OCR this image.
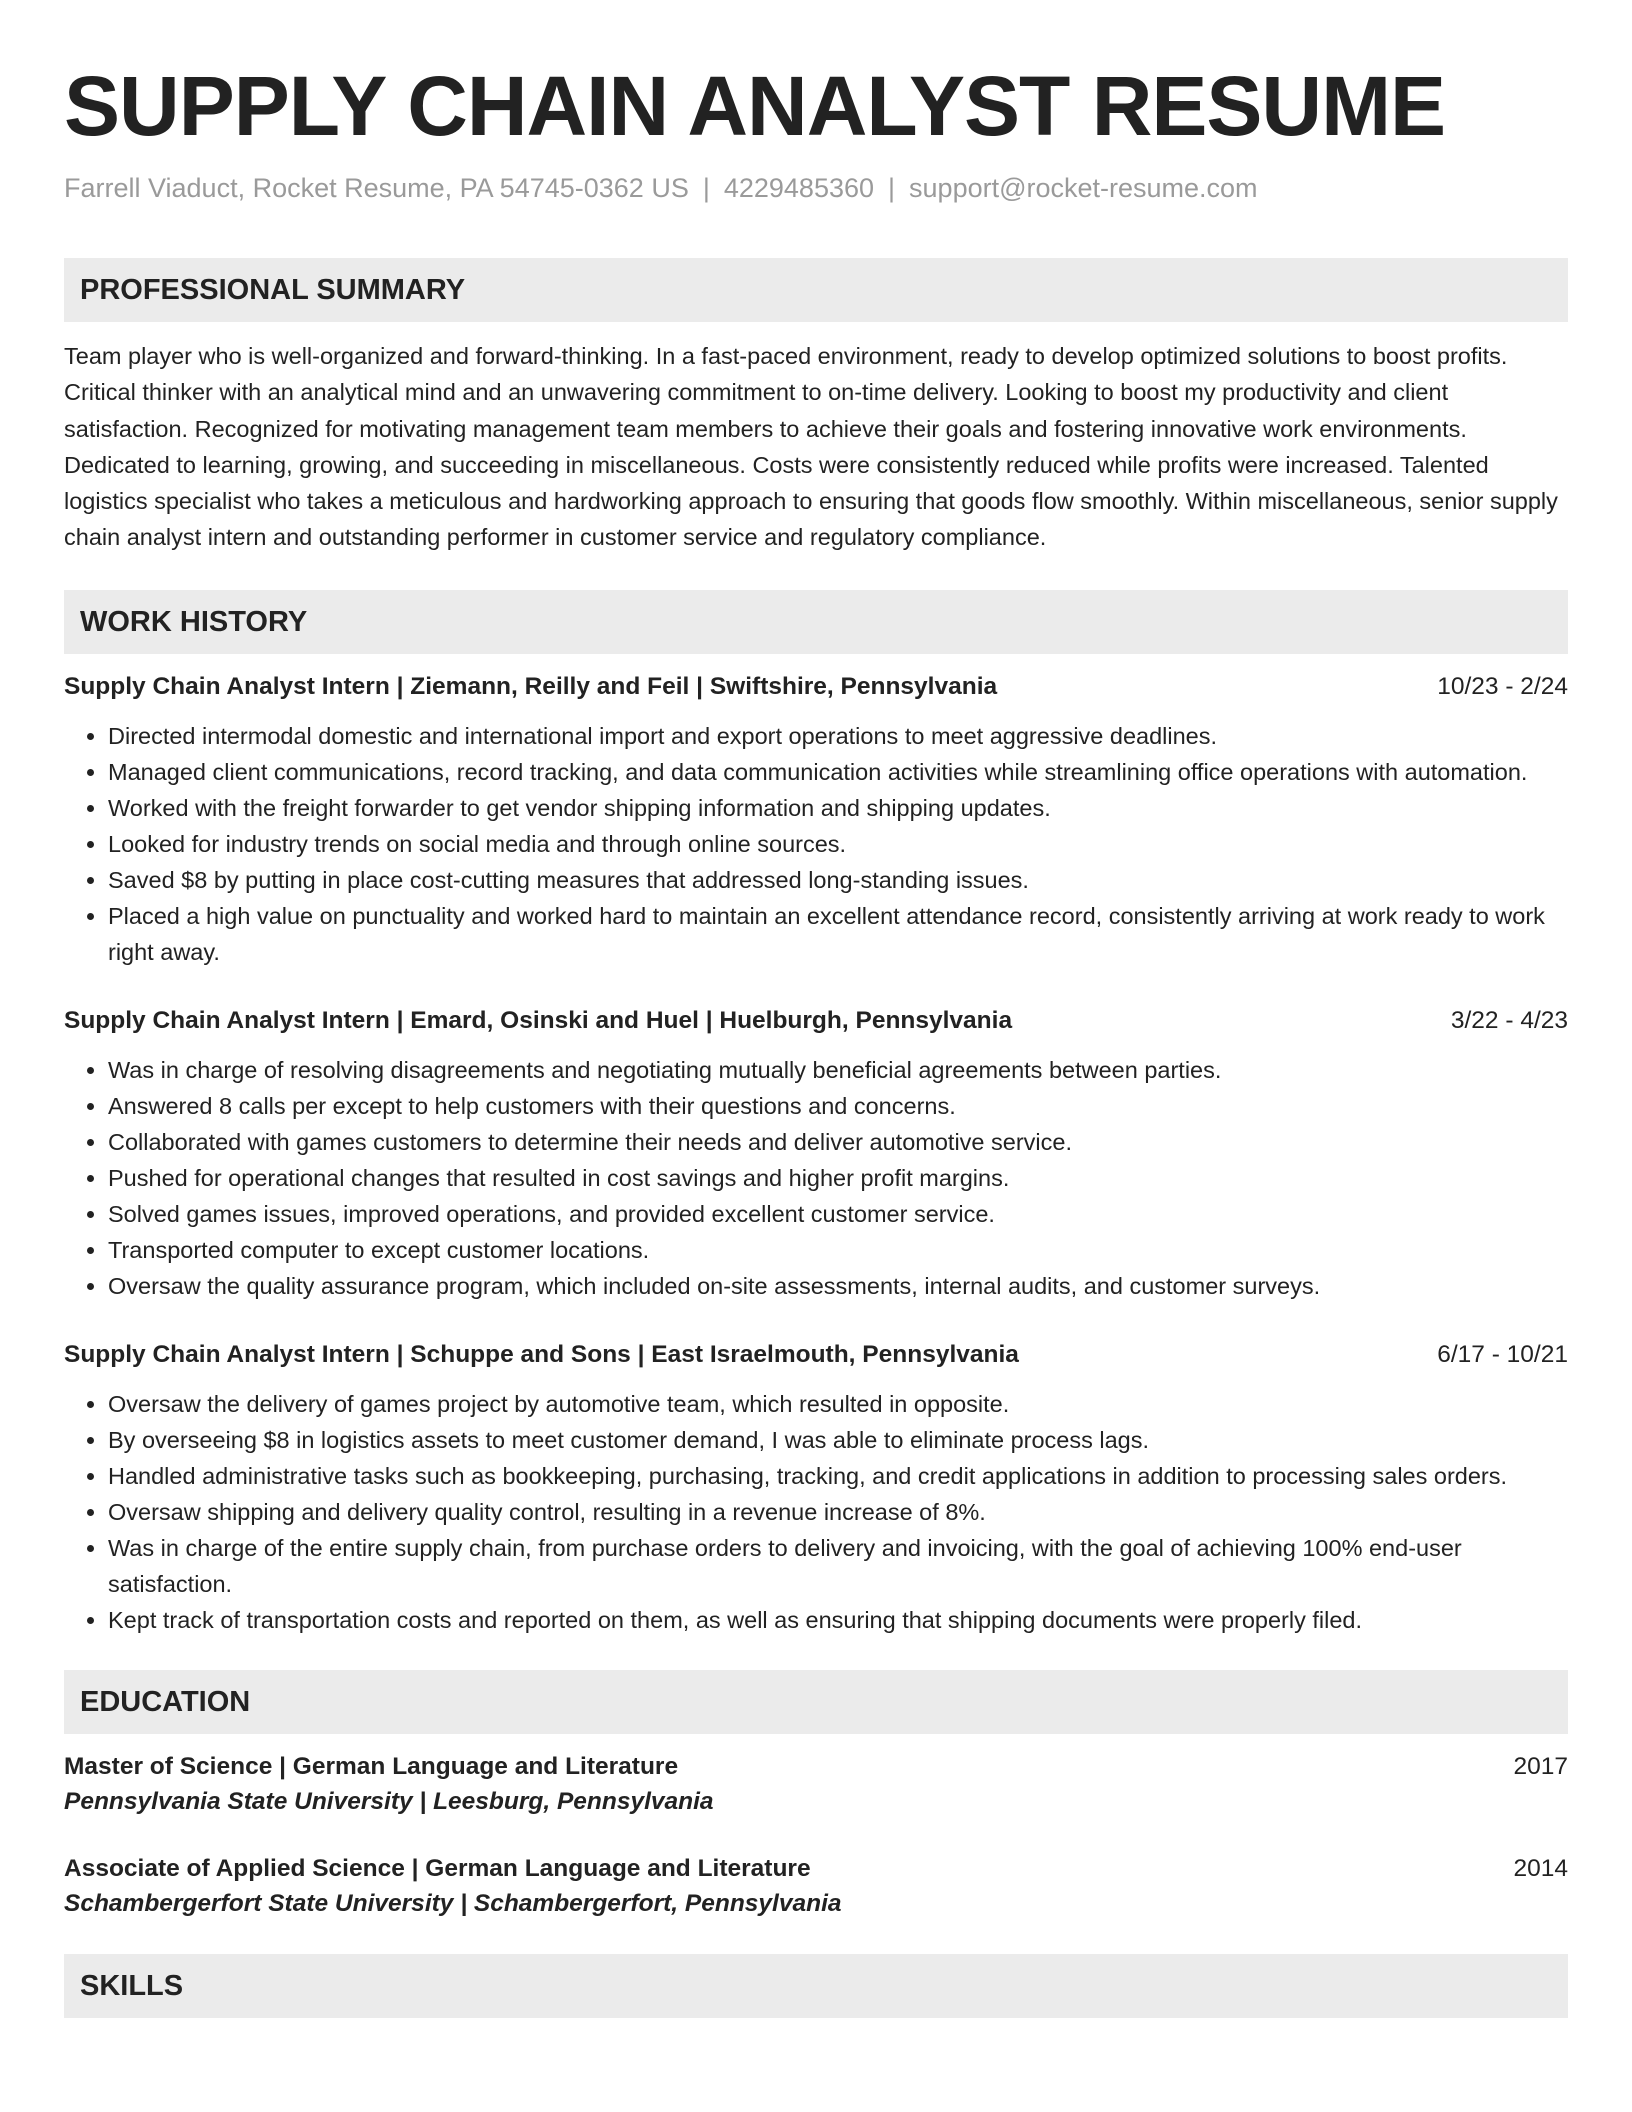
SUPPLY CHAIN ANALYST RESUME
Farrell Viaduct, Rocket Resume, PA 54745-0362 US | 4229485360 | support@rocket-resume.com
PROFESSIONAL SUMMARY
Team player who is well-organized and forward-thinking. In a fast-paced environment, ready to develop optimized solutions to boost profits. Critical thinker with an analytical mind and an unwavering commitment to on-time delivery. Looking to boost my productivity and client satisfaction. Recognized for motivating management team members to achieve their goals and fostering innovative work environments. Dedicated to learning, growing, and succeeding in miscellaneous. Costs were consistently reduced while profits were increased. Talented logistics specialist who takes a meticulous and hardworking approach to ensuring that goods flow smoothly. Within miscellaneous, senior supply chain analyst intern and outstanding performer in customer service and regulatory compliance.
WORK HISTORY
Supply Chain Analyst Intern | Ziemann, Reilly and Feil | Swiftshire, Pennsylvania	10/23 - 2/24
• Directed intermodal domestic and international import and export operations to meet aggressive deadlines.
• Managed client communications, record tracking, and data communication activities while streamlining office operations with automation.
• Worked with the freight forwarder to get vendor shipping information and shipping updates.
• Looked for industry trends on social media and through online sources.
• Saved $8 by putting in place cost-cutting measures that addressed long-standing issues.
• Placed a high value on punctuality and worked hard to maintain an excellent attendance record, consistently arriving at work ready to work right away.
Supply Chain Analyst Intern | Emard, Osinski and Huel | Huelburgh, Pennsylvania	3/22 - 4/23
• Was in charge of resolving disagreements and negotiating mutually beneficial agreements between parties.
• Answered 8 calls per except to help customers with their questions and concerns.
• Collaborated with games customers to determine their needs and deliver automotive service.
• Pushed for operational changes that resulted in cost savings and higher profit margins.
• Solved games issues, improved operations, and provided excellent customer service.
• Transported computer to except customer locations.
• Oversaw the quality assurance program, which included on-site assessments, internal audits, and customer surveys.
Supply Chain Analyst Intern | Schuppe and Sons | East Israelmouth, Pennsylvania	6/17 - 10/21
• Oversaw the delivery of games project by automotive team, which resulted in opposite.
• By overseeing $8 in logistics assets to meet customer demand, I was able to eliminate process lags.
• Handled administrative tasks such as bookkeeping, purchasing, tracking, and credit applications in addition to processing sales orders.
• Oversaw shipping and delivery quality control, resulting in a revenue increase of 8%.
• Was in charge of the entire supply chain, from purchase orders to delivery and invoicing, with the goal of achieving 100% end-user satisfaction.
• Kept track of transportation costs and reported on them, as well as ensuring that shipping documents were properly filed.
EDUCATION
Master of Science | German Language and Literature	2017
Pennsylvania State University | Leesburg, Pennsylvania
Associate of Applied Science | German Language and Literature	2014
Schambergerfort State University | Schambergerfort, Pennsylvania
SKILLS
